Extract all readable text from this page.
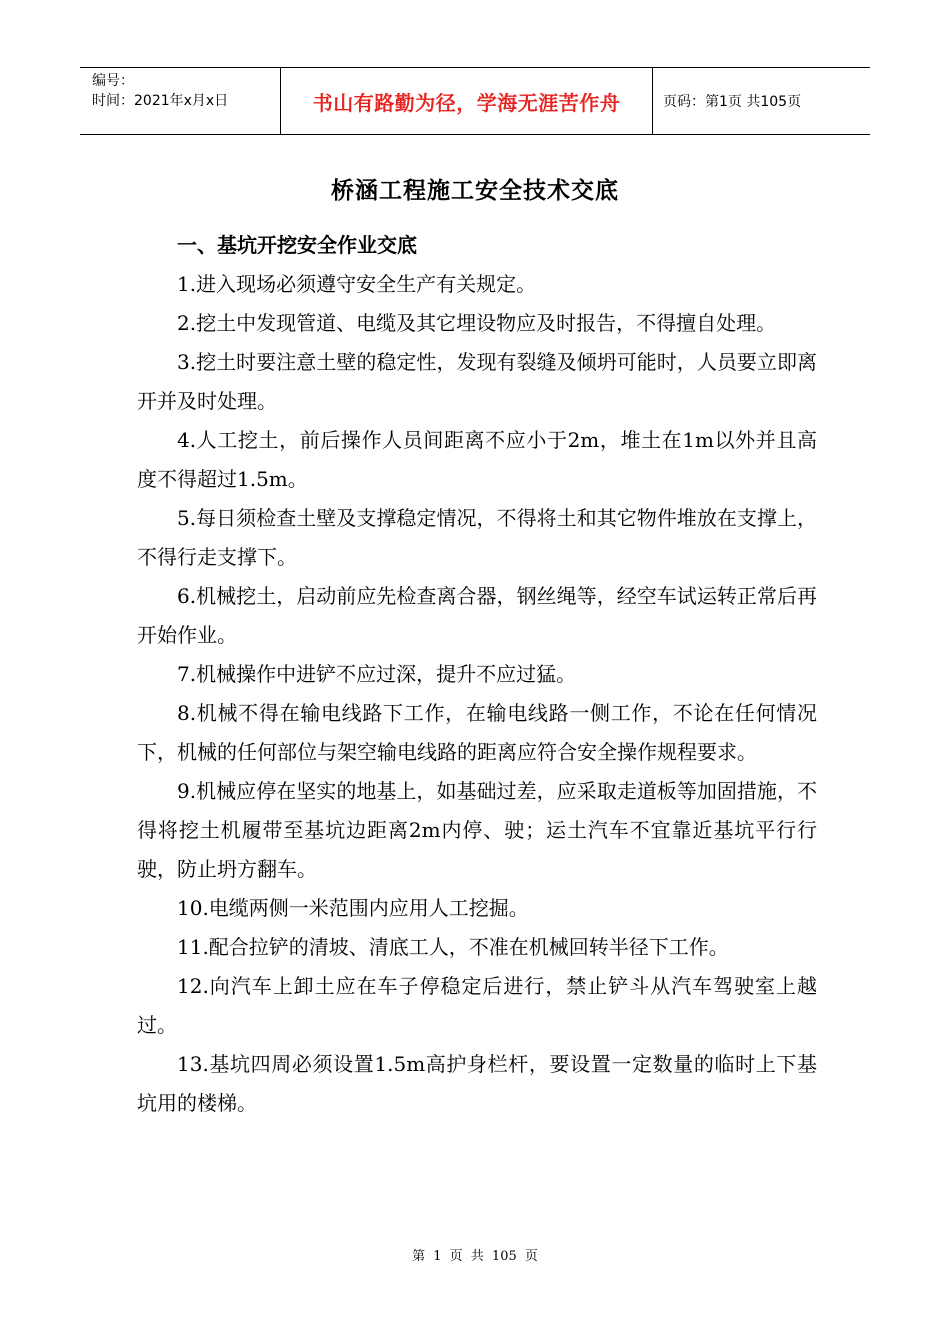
编号：
时间：2021年x月x日	书山有路勤为径，学海无涯苦作舟	页码：第1页 共105页
桥涵工程施工安全技术交底
一、基坑开挖安全作业交底

1.进入现场必须遵守安全生产有关规定。

2.挖土中发现管道、电缆及其它埋设物应及时报告，不得擅自处理。

3.挖土时要注意土壁的稳定性，发现有裂缝及倾坍可能时，人员要立即离开并及时处理。

4.人工挖土，前后操作人员间距离不应小于2m，堆土在1m以外并且高度不得超过1.5m。

5.每日须检查土壁及支撑稳定情况，不得将土和其它物件堆放在支撑上，不得行走支撑下。

6.机械挖土，启动前应先检查离合器，钢丝绳等，经空车试运转正常后再开始作业。

7.机械操作中进铲不应过深，提升不应过猛。

8.机械不得在输电线路下工作，在输电线路一侧工作，不论在任何情况下，机械的任何部位与架空输电线路的距离应符合安全操作规程要求。

9.机械应停在坚实的地基上，如基础过差，应采取走道板等加固措施，不得将挖土机履带至基坑边距离2m内停、驶；运土汽车不宜靠近基坑平行行驶，防止坍方翻车。

10.电缆两侧一米范围内应用人工挖掘。

11.配合拉铲的清坡、清底工人，不准在机械回转半径下工作。

12.向汽车上卸土应在车子停稳定后进行，禁止铲斗从汽车驾驶室上越过。

13.基坑四周必须设置1.5m高护身栏杆，要设置一定数量的临时上下基坑用的楼梯。

第 1 页 共 105 页
